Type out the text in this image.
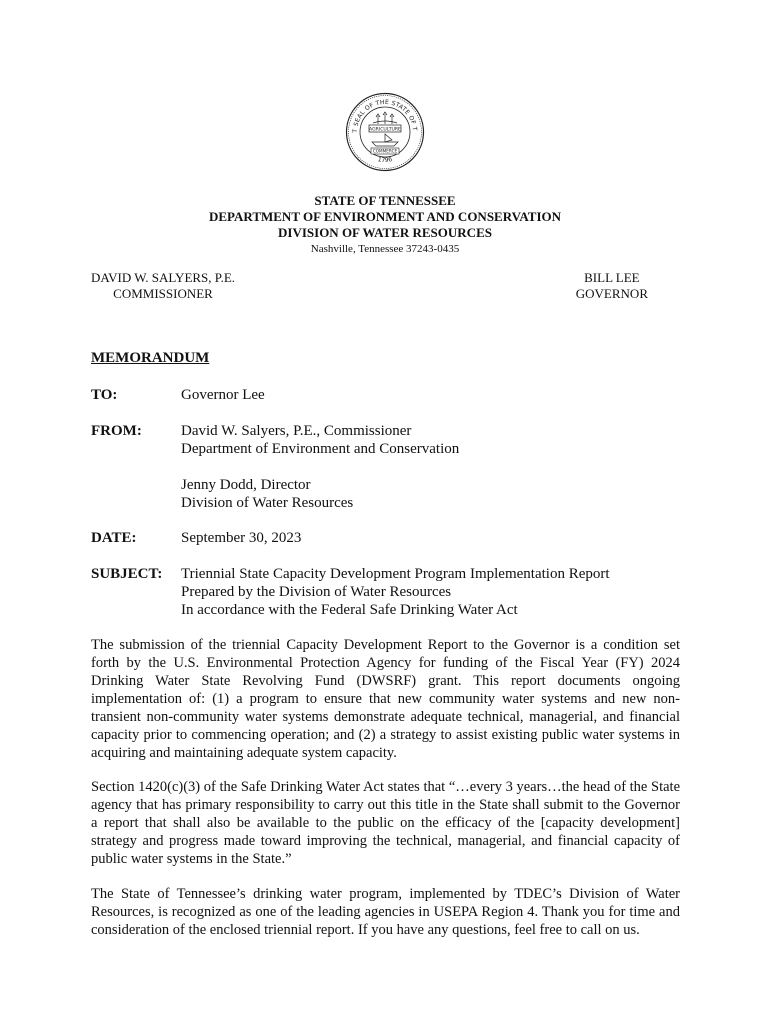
T SEAL OF THE STATE OF T
1796
AGRICULTURE
COMMERCE
STATE OF TENNESSEE
DEPARTMENT OF ENVIRONMENT AND CONSERVATION
DIVISION OF WATER RESOURCES
Nashville, Tennessee 37243-0435
DAVID W. SALYERS, P.E.
COMMISSIONER
BILL LEE
GOVERNOR
MEMORANDUM
TO:	Governor Lee
FROM:	David W. Salyers, P.E., Commissioner
Department of Environment and Conservation
Jenny Dodd, Director
Division of Water Resources
DATE:	September 30, 2023
SUBJECT: Triennial State Capacity Development Program Implementation Report
Prepared by the Division of Water Resources
In accordance with the Federal Safe Drinking Water Act

The submission of the triennial Capacity Development Report to the Governor is a condition set forth by the U.S. Environmental Protection Agency for funding of the Fiscal Year (FY) 2024 Drinking Water State Revolving Fund (DWSRF) grant. This report documents ongoing implementation of: (1) a program to ensure that new community water systems and new non-transient non-community water systems demonstrate adequate technical, managerial, and financial capacity prior to commencing operation; and (2) a strategy to assist existing public water systems in acquiring and maintaining adequate system capacity.

Section 1420(c)(3) of the Safe Drinking Water Act states that “…every 3 years…the head of the State agency that has primary responsibility to carry out this title in the State shall submit to the Governor a report that shall also be available to the public on the efficacy of the [capacity development] strategy and progress made toward improving the technical, managerial, and financial capacity of public water systems in the State.”

The State of Tennessee’s drinking water program, implemented by TDEC’s Division of Water Resources, is recognized as one of the leading agencies in USEPA Region 4. Thank you for time and consideration of the enclosed triennial report. If you have any questions, feel free to call on us.
